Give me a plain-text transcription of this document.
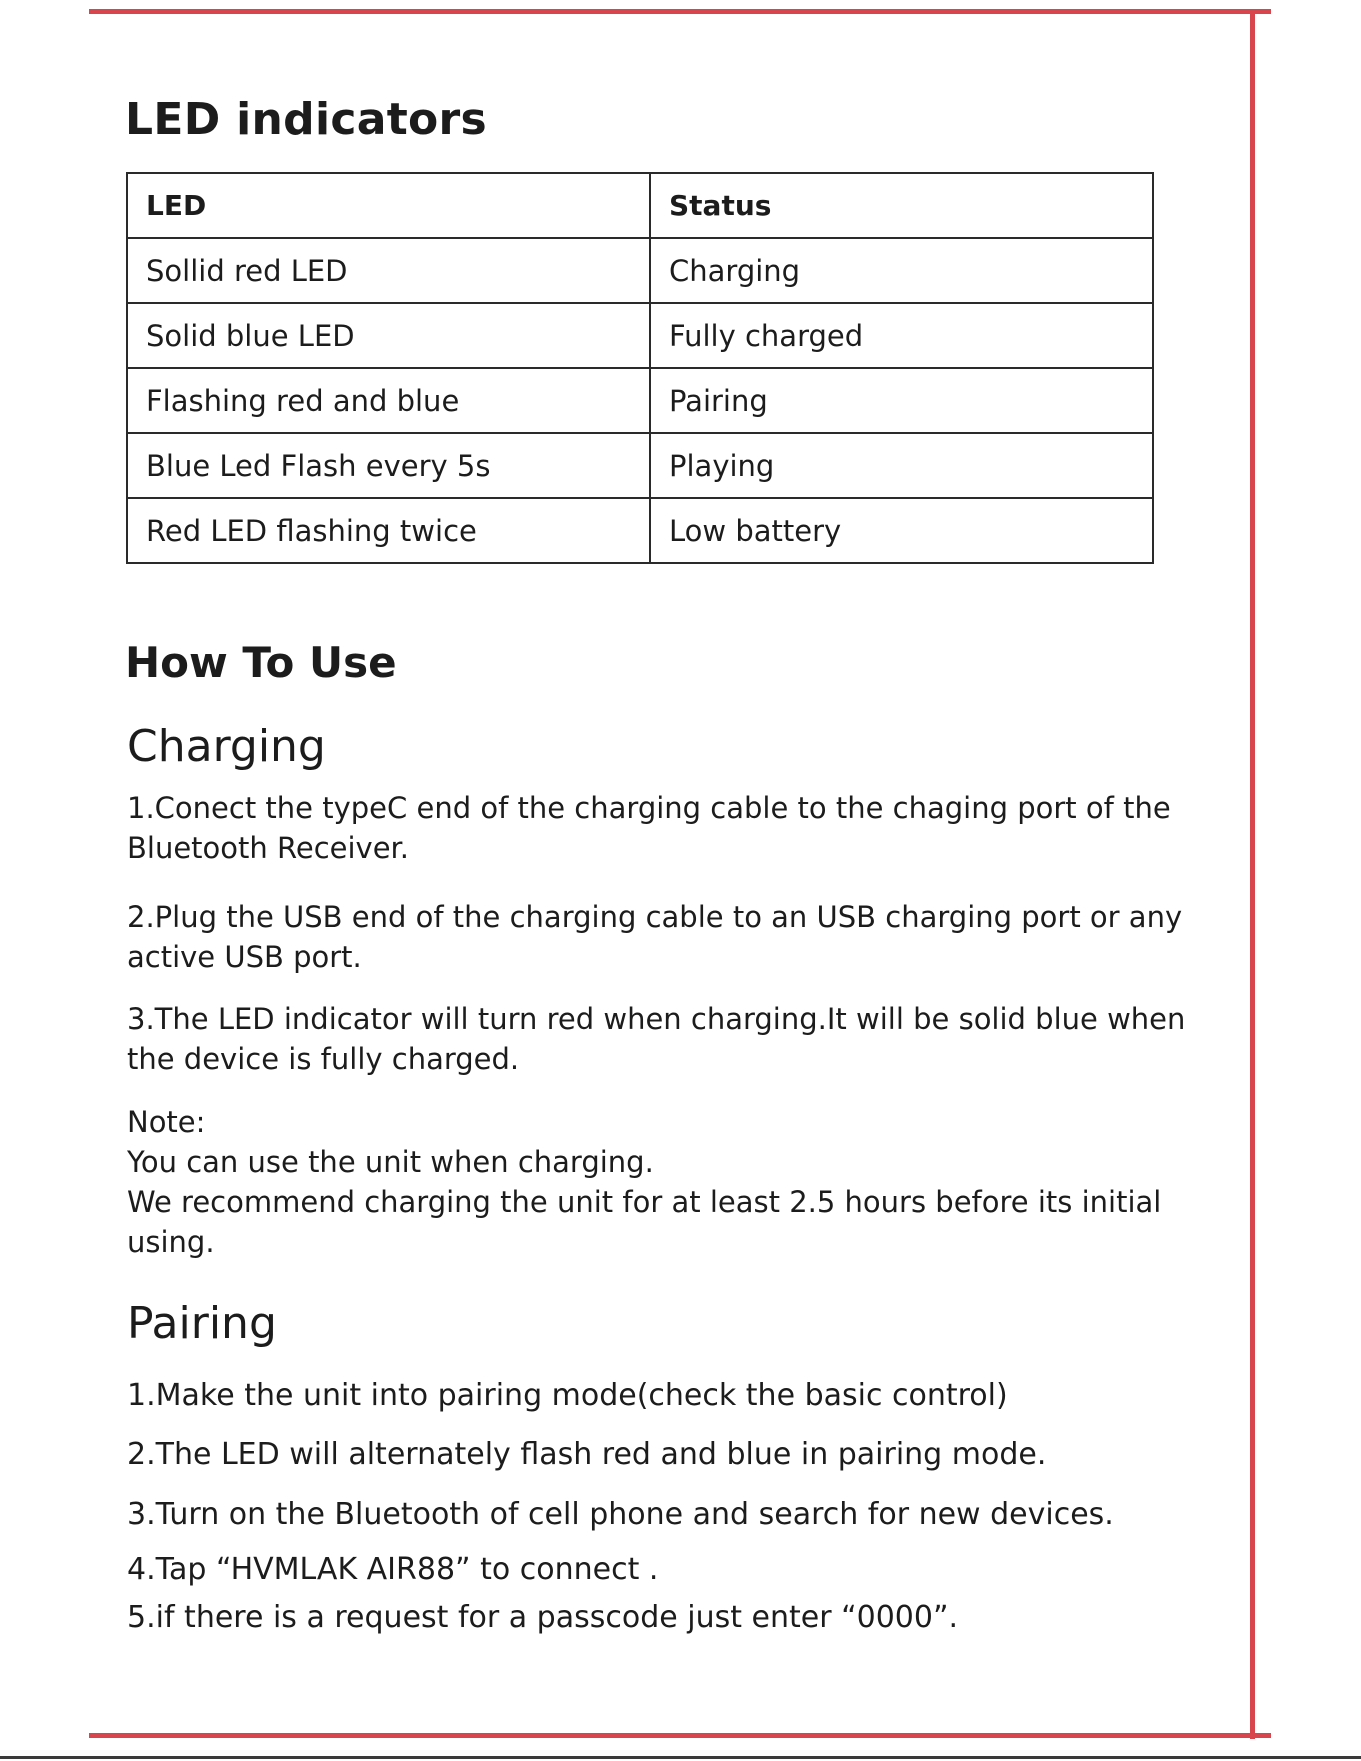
LED indicators
LED	Status
Sollid red LED	Charging
Solid blue LED	Fully charged
Flashing red and blue	Pairing
Blue Led Flash every 5s	Playing
Red LED flashing twice	Low battery
How To Use
Charging

1.Conect the typeC end of the charging cable to the chaging port of the Bluetooth Receiver.

2.Plug the USB end of the charging cable to an USB charging port or any active USB port.

3.The LED indicator will turn red when charging.It will be solid blue when the device is fully charged.

Note:
You can use the unit when charging.
We recommend charging the unit for at least 2.5 hours before its initial using.
Pairing
1.Make the unit into pairing mode(check the basic control)
2.The LED will alternately flash red and blue in pairing mode.
3.Turn on the Bluetooth of cell phone and search for new devices.
4.Tap “HVMLAK AIR88” to connect .
5.if there is a request for a passcode just enter “0000”.
